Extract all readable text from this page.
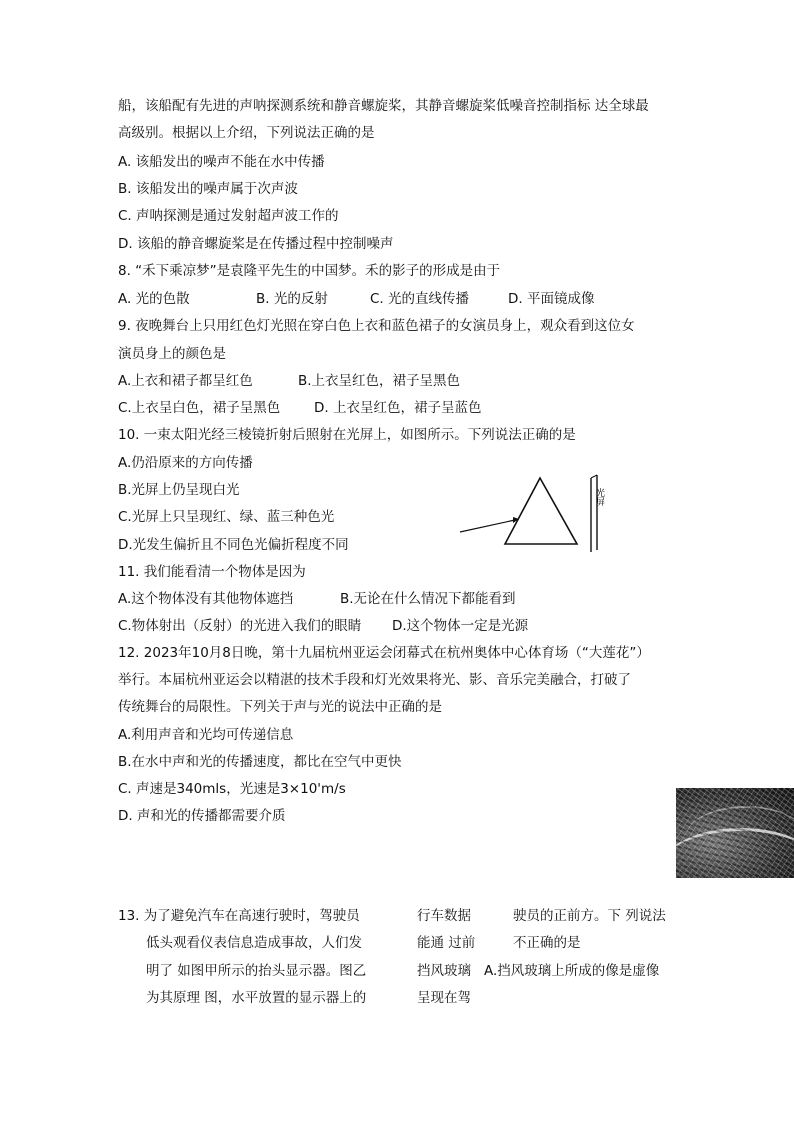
船，该船配有先进的声呐探测系统和静音螺旋桨，其静音螺旋桨低噪音控制指标 达全球最
高级别。根据以上介绍，下列说法正确的是
A. 该船发出的噪声不能在水中传播
B. 该船发出的噪声属于次声波
C. 声呐探测是通过发射超声波工作的
D. 该船的静音螺旋桨是在传播过程中控制噪声
8. “禾下乘凉梦”是袁隆平先生的中国梦。禾的影子的形成是由于
A. 光的色散	B. 光的反射	C. 光的直线传播	D. 平面镜成像
9. 夜晚舞台上只用红色灯光照在穿白色上衣和蓝色裙子的女演员身上，观众看到这位女
演员身上的颜色是
A.上衣和裙子都呈红色	B.上衣呈红色，裙子呈黑色
C.上衣呈白色，裙子呈黑色	D. 上衣呈红色，裙子呈蓝色
10. 一束太阳光经三棱镜折射后照射在光屏上，如图所示。下列说法正确的是
A.仍沿原来的方向传播
B.光屏上仍呈现白光
C.光屏上只呈现红、绿、蓝三种色光
D.光发生偏折且不同色光偏折程度不同
光屏
11. 我们能看清一个物体是因为
A.这个物体没有其他物体遮挡	B.无论在什么情况下都能看到
C.物体射出（反射）的光进入我们的眼睛 D.这个物体一定是光源
12. 2023年10月8日晚，第十九届杭州亚运会闭幕式在杭州奥体中心体育场（“大莲花”）
举行。本届杭州亚运会以精湛的技术手段和灯光效果将光、影、音乐完美融合，打破了
传统舞台的局限性。下列关于声与光的说法中正确的是
A.利用声音和光均可传递信息
B.在水中声和光的传播速度，都比在空气中更快
C. 声速是340mls，光速是3×10'm/s
D. 声和光的传播都需要介质
13. 为了避免汽车在高速行驶时，驾驶员
低头观看仪表信息造成事故，人们发
明了 如图甲所示的抬头显示器。图乙
为其原理 图，水平放置的显示器上的
行车数据
能通 过前
挡风玻璃
呈现在驾
驶员的正前方。下 列说法
不正确的是
A.挡风玻璃上所成的像是虚像
